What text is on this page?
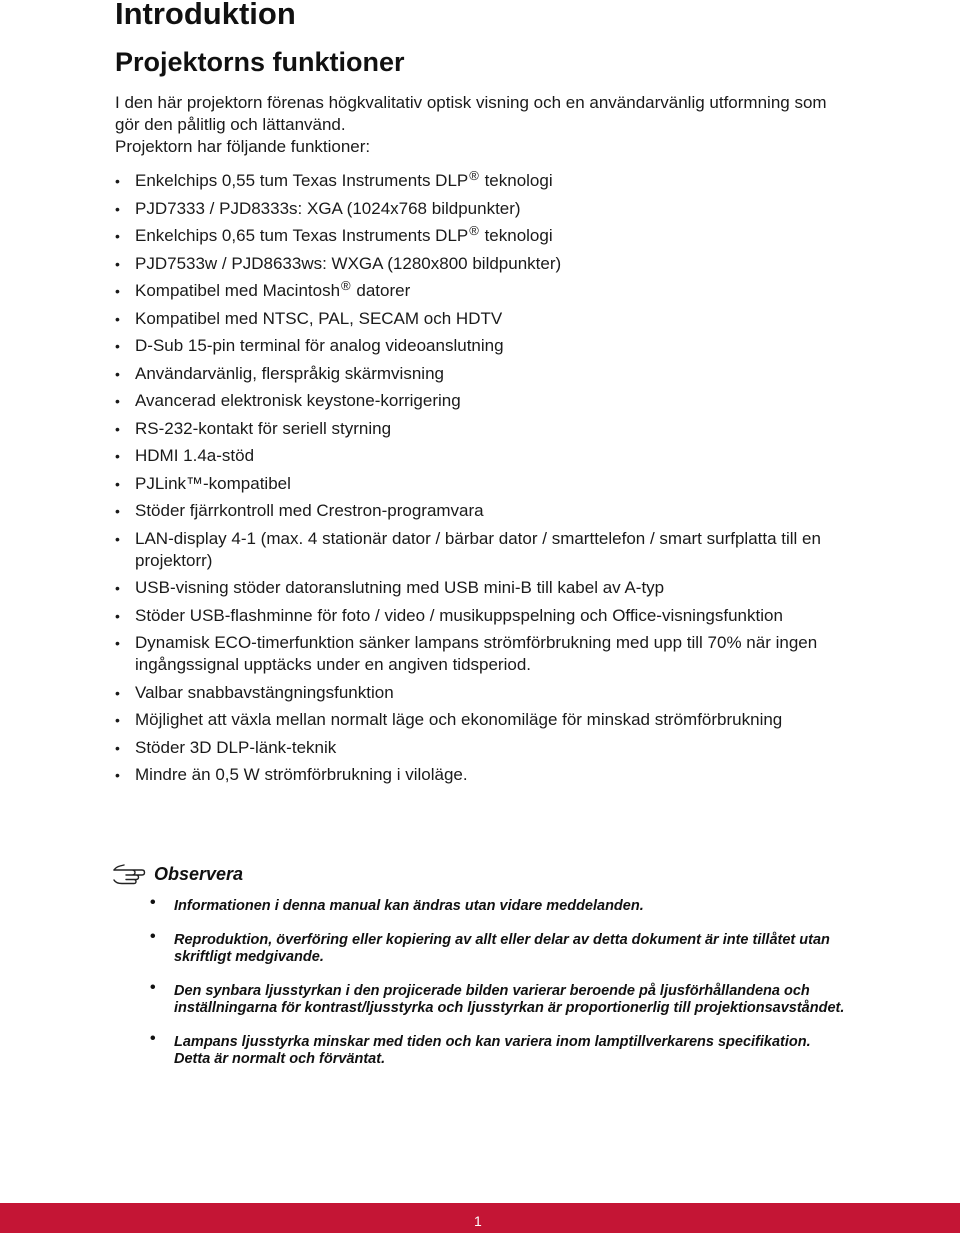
Introduktion
Projektorns funktioner

I den här projektorn förenas högkvalitativ optisk visning och en användarvänlig utformning som gör den pålitlig och lättanvänd.

Projektorn har följande funktioner:

• Enkelchips 0,55 tum Texas Instruments DLP® teknologi
• PJD7333 / PJD8333s: XGA (1024x768 bildpunkter)
• Enkelchips 0,65 tum Texas Instruments DLP® teknologi
• PJD7533w / PJD8633ws: WXGA (1280x800 bildpunkter)
• Kompatibel med Macintosh® datorer
• Kompatibel med NTSC, PAL, SECAM och HDTV
• D-Sub 15-pin terminal för analog videoanslutning
• Användarvänlig, flerspråkig skärmvisning
• Avancerad elektronisk keystone-korrigering
• RS-232-kontakt för seriell styrning
• HDMI 1.4a-stöd
• PJLink™-kompatibel
• Stöder fjärrkontroll med Crestron-programvara
• LAN-display 4-1 (max. 4 stationär dator / bärbar dator / smarttelefon / smart surfplatta till en projektorr)
• USB-visning stöder datoranslutning med USB mini-B till kabel av A-typ
• Stöder USB-flashminne för foto / video / musikuppspelning och Office-visningsfunktion
• Dynamisk ECO-timerfunktion sänker lampans strömförbrukning med upp till 70% när ingen ingångssignal upptäcks under en angiven tidsperiod.
• Valbar snabbavstängningsfunktion
• Möjlighet att växla mellan normalt läge och ekonomiläge för minskad strömförbrukning
• Stöder 3D DLP-länk-teknik
• Mindre än 0,5 W strömförbrukning i viloläge.
Observera
• Informationen i denna manual kan ändras utan vidare meddelanden.
• Reproduktion, överföring eller kopiering av allt eller delar av detta dokument är inte tillåtet utan skriftligt medgivande.
• Den synbara ljusstyrkan i den projicerade bilden varierar beroende på ljusförhållandena och inställningarna för kontrast/ljusstyrka och ljusstyrkan är proportionerlig till projektionsavståndet.
• Lampans ljusstyrka minskar med tiden och kan variera inom lamptillverkarens specifikation. Detta är normalt och förväntat.
1
